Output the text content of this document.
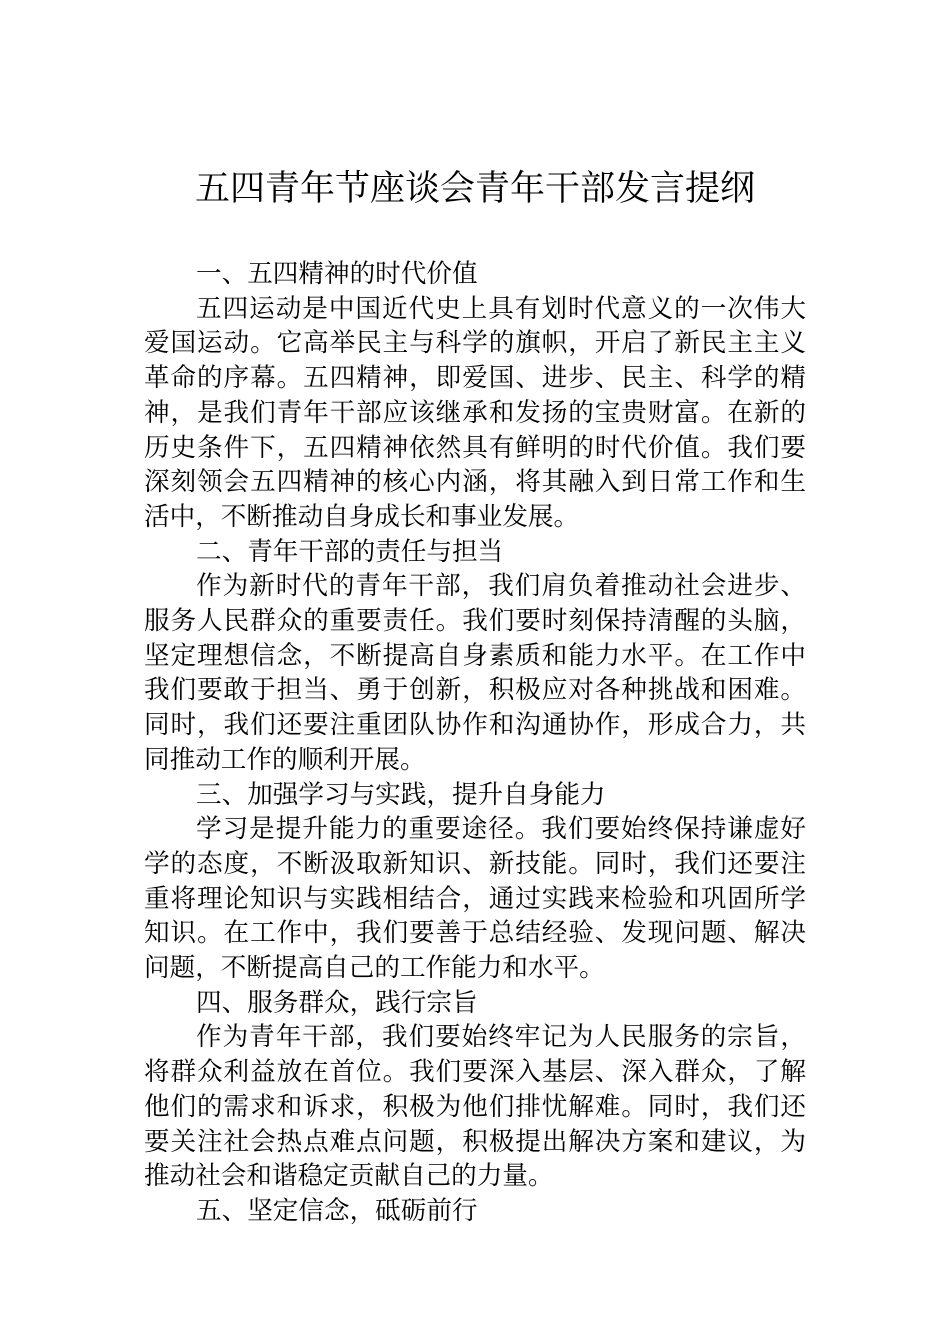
五四青年节座谈会青年干部发言提纲

一、五四精神的时代价值

五四运动是中国近代史上具有划时代意义的一次伟大爱国运动。它高举民主与科学的旗帜，开启了新民主主义革命的序幕。五四精神，即爱国、进步、民主、科学的精神，是我们青年干部应该继承和发扬的宝贵财富。在新的历史条件下，五四精神依然具有鲜明的时代价值。我们要深刻领会五四精神的核心内涵，将其融入到日常工作和生活中，不断推动自身成长和事业发展。

二、青年干部的责任与担当

作为新时代的青年干部，我们肩负着推动社会进步、服务人民群众的重要责任。我们要时刻保持清醒的头脑，坚定理想信念，不断提高自身素质和能力水平。在工作中我们要敢于担当、勇于创新，积极应对各种挑战和困难。同时，我们还要注重团队协作和沟通协作，形成合力，共同推动工作的顺利开展。

三、加强学习与实践，提升自身能力

学习是提升能力的重要途径。我们要始终保持谦虚好学的态度，不断汲取新知识、新技能。同时，我们还要注重将理论知识与实践相结合，通过实践来检验和巩固所学知识。在工作中，我们要善于总结经验、发现问题、解决问题，不断提高自己的工作能力和水平。

四、服务群众，践行宗旨

作为青年干部，我们要始终牢记为人民服务的宗旨，将群众利益放在首位。我们要深入基层、深入群众，了解他们的需求和诉求，积极为他们排忧解难。同时，我们还要关注社会热点难点问题，积极提出解决方案和建议，为推动社会和谐稳定贡献自己的力量。

五、坚定信念，砥砺前行
